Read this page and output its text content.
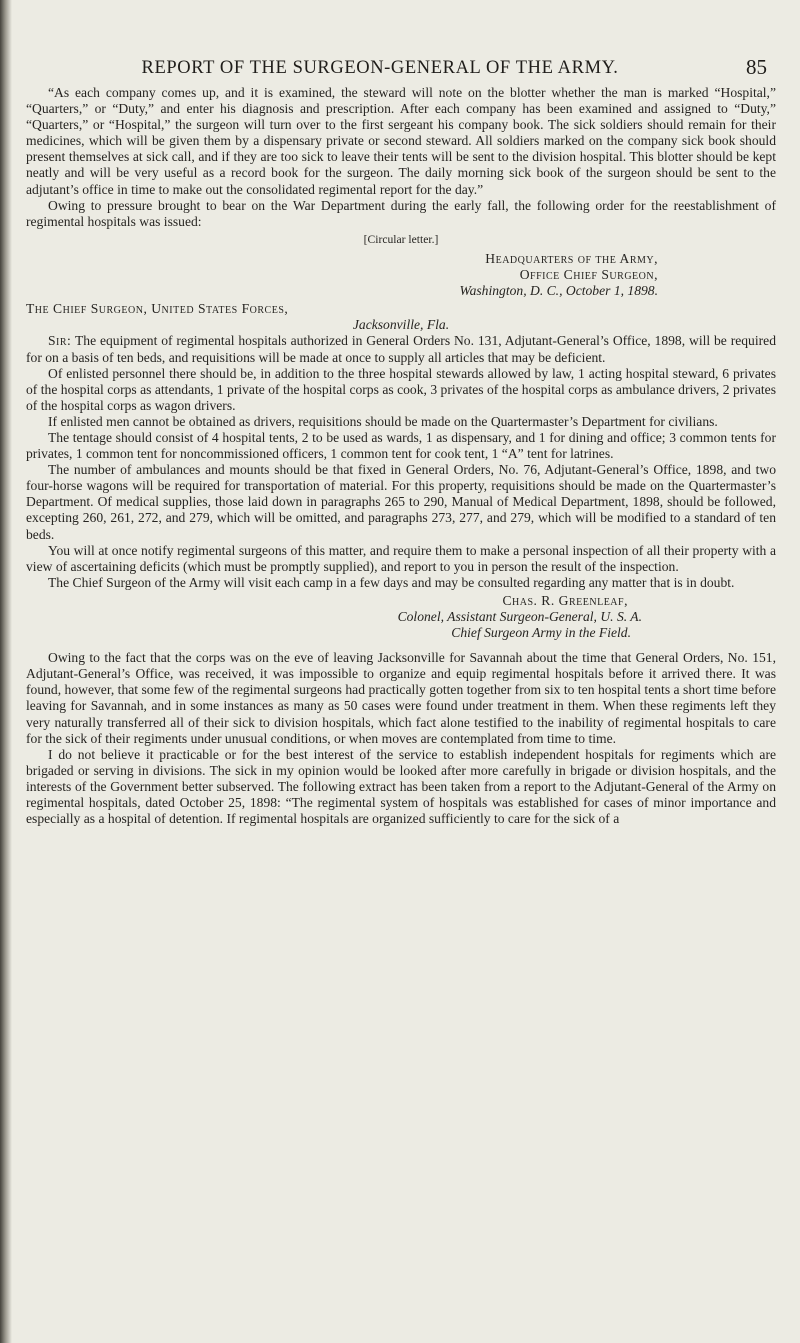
REPORT OF THE SURGEON-GENERAL OF THE ARMY.	85

“As each company comes up, and it is examined, the steward will note on the blotter whether the man is marked “Hospital,” “Quarters,” or “Duty,” and enter his diagnosis and prescription. After each company has been examined and assigned to “Duty,” “Quarters,” or “Hospital,” the surgeon will turn over to the first sergeant his company book. The sick soldiers should remain for their medicines, which will be given them by a dispensary private or second steward. All soldiers marked on the company sick book should present themselves at sick call, and if they are too sick to leave their tents will be sent to the division hospital. This blotter should be kept neatly and will be very useful as a record book for the surgeon. The daily morning sick book of the surgeon should be sent to the adjutant’s office in time to make out the consolidated regimental report for the day.”

Owing to pressure brought to bear on the War Department during the early fall, the following order for the reestablishment of regimental hospitals was issued:

[Circular letter.]

Headquarters of the Army,
Office Chief Surgeon,
Washington, D. C., October 1, 1898.

The Chief Surgeon, United States Forces,
Jacksonville, Fla.

Sir: The equipment of regimental hospitals authorized in General Orders No. 131, Adjutant-General’s Office, 1898, will be required for on a basis of ten beds, and requisitions will be made at once to supply all articles that may be deficient.

Of enlisted personnel there should be, in addition to the three hospital stewards allowed by law, 1 acting hospital steward, 6 privates of the hospital corps as attendants, 1 private of the hospital corps as cook, 3 privates of the hospital corps as ambulance drivers, 2 privates of the hospital corps as wagon drivers.

If enlisted men cannot be obtained as drivers, requisitions should be made on the Quartermaster’s Department for civilians.

The tentage should consist of 4 hospital tents, 2 to be used as wards, 1 as dispensary, and 1 for dining and office; 3 common tents for privates, 1 common tent for noncommissioned officers, 1 common tent for cook tent, 1 “A” tent for latrines.

The number of ambulances and mounts should be that fixed in General Orders, No. 76, Adjutant-General’s Office, 1898, and two four-horse wagons will be required for transportation of material. For this property, requisitions should be made on the Quartermaster’s Department. Of medical supplies, those laid down in paragraphs 265 to 290, Manual of Medical Department, 1898, should be followed, excepting 260, 261, 272, and 279, which will be omitted, and paragraphs 273, 277, and 279, which will be modified to a standard of ten beds.

You will at once notify regimental surgeons of this matter, and require them to make a personal inspection of all their property with a view of ascertaining deficits (which must be promptly supplied), and report to you in person the result of the inspection.

The Chief Surgeon of the Army will visit each camp in a few days and may be consulted regarding any matter that is in doubt.

Chas. R. Greenleaf,
Colonel, Assistant Surgeon-General, U. S. A.
Chief Surgeon Army in the Field.

Owing to the fact that the corps was on the eve of leaving Jacksonville for Savannah about the time that General Orders, No. 151, Adjutant-General’s Office, was received, it was impossible to organize and equip regimental hospitals before it arrived there. It was found, however, that some few of the regimental surgeons had practically gotten together from six to ten hospital tents a short time before leaving for Savannah, and in some instances as many as 50 cases were found under treatment in them. When these regiments left they very naturally transferred all of their sick to division hospitals, which fact alone testified to the inability of regimental hospitals to care for the sick of their regiments under unusual conditions, or when moves are contemplated from time to time.

I do not believe it practicable or for the best interest of the service to establish independent hospitals for regiments which are brigaded or serving in divisions. The sick in my opinion would be looked after more carefully in brigade or division hospitals, and the interests of the Government better subserved. The following extract has been taken from a report to the Adjutant-General of the Army on regimental hospitals, dated October 25, 1898: “The regimental system of hospitals was established for cases of minor importance and especially as a hospital of detention. If regimental hospitals are organized sufficiently to care for the sick of a
